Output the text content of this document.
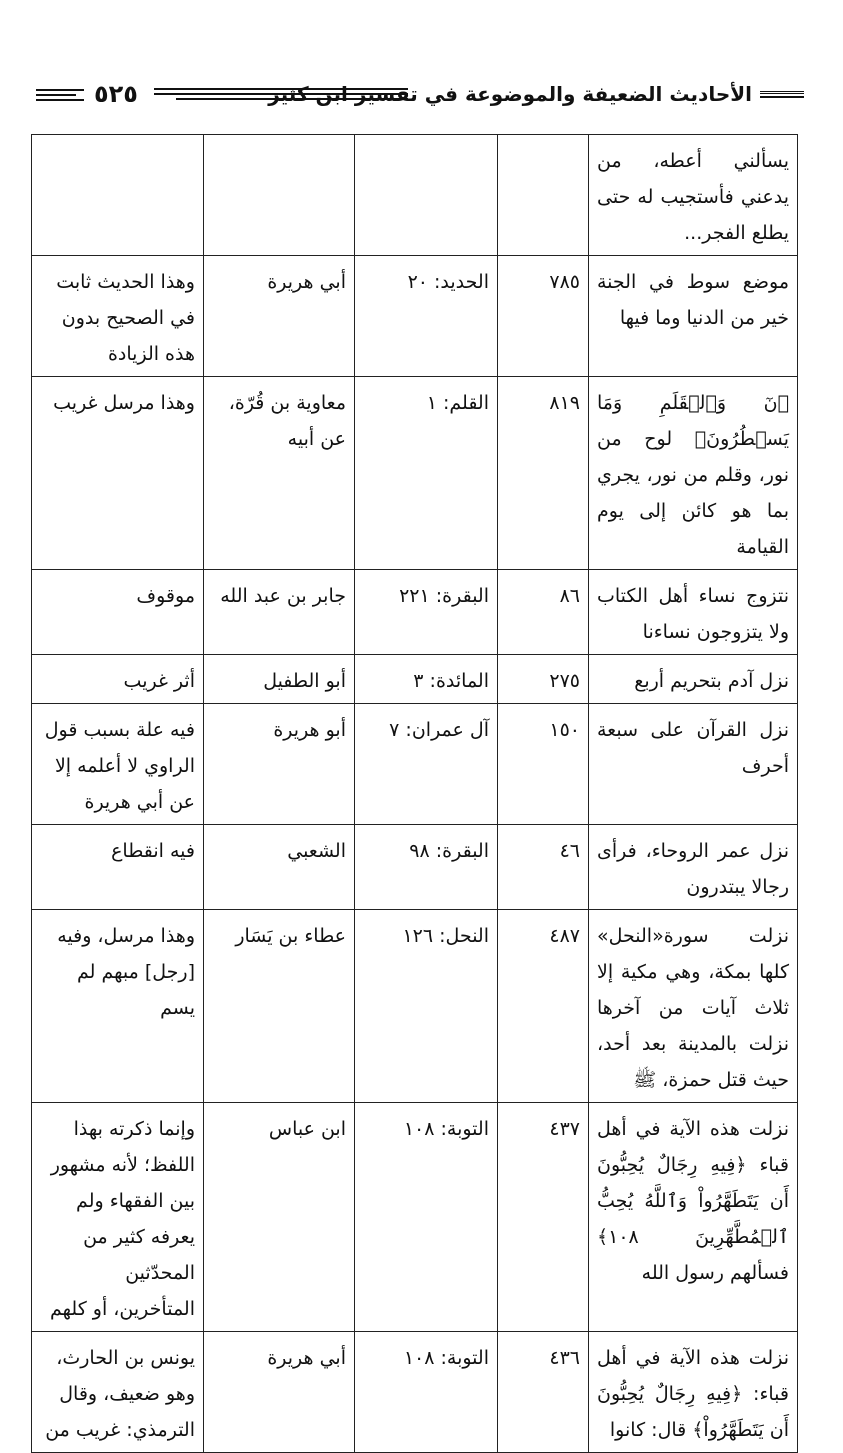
الأحاديث الضعيفة والموضوعة في تفسير ابن كثير
٥٢٥
يسألني أعطه، من يدعني فأستجيب له حتى يطلع الفجر...				
موضع سوط في الجنة خير من الدنيا وما فيها	٧٨٥	الحديد: ٢٠	أبي هريرة	وهذا الحديث ثابت في الصحيح بدون هذه الزيادة
﴿نٓ وَٱلۡقَلَمِ وَمَا يَسۡطُرُونَ﴾ لوح من نور، وقلم من نور، يجري بما هو كائن إلى يوم القيامة	٨١٩	القلم: ١	معاوية بن قُرّة، عن أبيه	وهذا مرسل غريب
نتزوج نساء أهل الكتاب ولا يتزوجون نساءنا	٨٦	البقرة: ٢٢١	جابر بن عبد الله	موقوف
نزل آدم بتحريم أربع	٢٧٥	المائدة: ٣	أبو الطفيل	أثر غريب
نزل القرآن على سبعة أحرف	١٥٠	آل عمران: ٧	أبو هريرة	فيه علة بسبب قول الراوي لا أعلمه إلا عن أبي هريرة
نزل عمر الروحاء، فرأى رجالا يبتدرون	٤٦	البقرة: ٩٨	الشعبي	فيه انقطاع
نزلت سورة«النحل» كلها بمكة، وهي مكية إلا ثلاث آيات من آخرها نزلت بالمدينة بعد أحد، حيث قتل حمزة، ﷺ	٤٨٧	النحل: ١٢٦	عطاء بن يَسَار	وهذا مرسل، وفيه [رجل] مبهم لم يسم
نزلت هذه الآية في أهل قباء ﴿فِيهِ رِجَالٌ يُحِبُّونَ أَن يَتَطَهَّرُواْ وَٱللَّهُ يُحِبُّ ٱلۡمُطَّهِّرِينَ ١٠٨﴾ فسألهم رسول الله	٤٣٧	التوبة: ١٠٨	ابن عباس	وإنما ذكرته بهذا اللفظ؛ لأنه مشهور بين الفقهاء ولم يعرفه كثير من المحدّثين المتأخرين، أو كلهم
نزلت هذه الآية في أهل قباء: ﴿فِيهِ رِجَالٌ يُحِبُّونَ أَن يَتَطَهَّرُواْ﴾ قال: كانوا	٤٣٦	التوبة: ١٠٨	أبي هريرة	يونس بن الحارث، وهو ضعيف، وقال الترمذي: غريب من
